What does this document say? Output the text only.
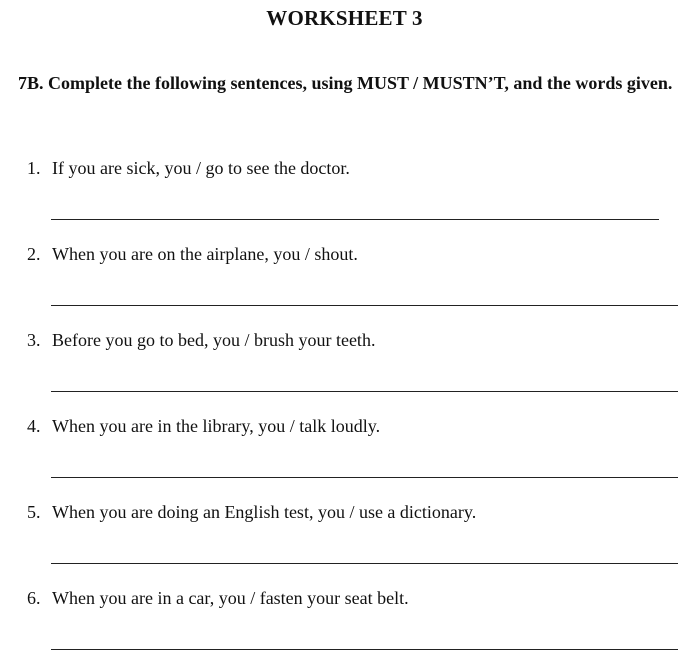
WORKSHEET 3
7B. Complete the following sentences, using MUST / MUSTN’T, and the words given.
1. If you are sick, you / go to see the doctor.
2. When you are on the airplane, you / shout.
3. Before you go to bed, you / brush your teeth.
4. When you are in the library, you / talk loudly.
5. When you are doing an English test, you / use a dictionary.
6. When you are in a car, you / fasten your seat belt.
